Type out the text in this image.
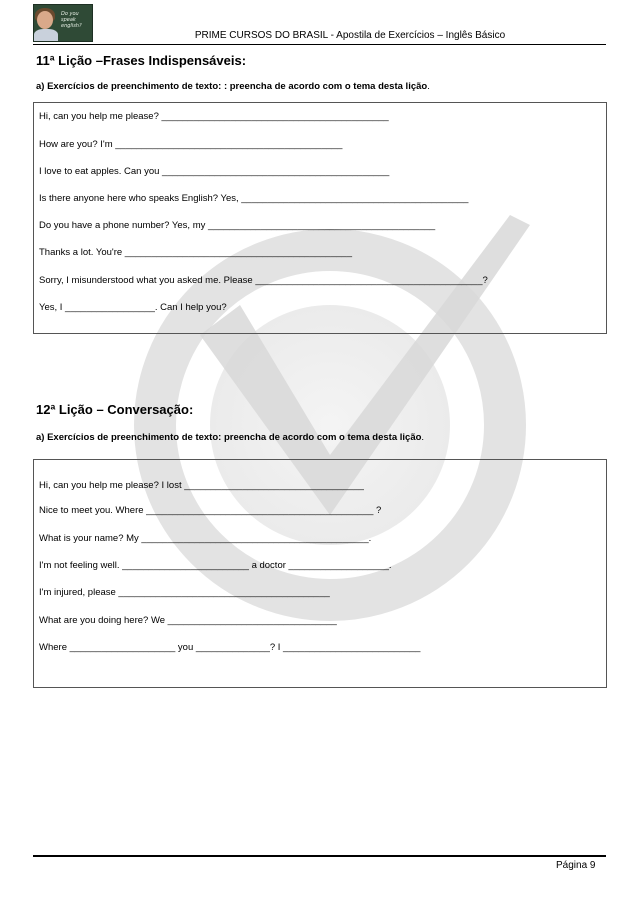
Do you speak english?
PRIME CURSOS DO BRASIL - Apostila de Exercícios – Inglês Básico
11ª Lição –Frases Indispensáveis:
a) Exercícios de preenchimento de texto: : preencha de acordo com o tema desta lição.
Hi, can you help me please? ___________________________________________
How are you? I'm ___________________________________________
I love to eat apples. Can you ___________________________________________
Is there anyone here who speaks English? Yes, ___________________________________________
Do you have a phone number? Yes, my ___________________________________________
Thanks a lot. You're ___________________________________________
Sorry, I misunderstood what you asked me. Please ___________________________________________?
Yes, I _________________. Can I help you?
12ª Lição – Conversação:
a) Exercícios de preenchimento de texto: preencha de acordo com o tema desta lição.
Hi, can you help me please? I lost __________________________________
Nice to meet you. Where ___________________________________________ ?
What is your name? My ___________________________________________.
I'm not feeling well. ________________________ a doctor ___________________.
I'm injured, please ________________________________________
What are you doing here? We ________________________________
Where ____________________ you ______________? I __________________________
Página 9
